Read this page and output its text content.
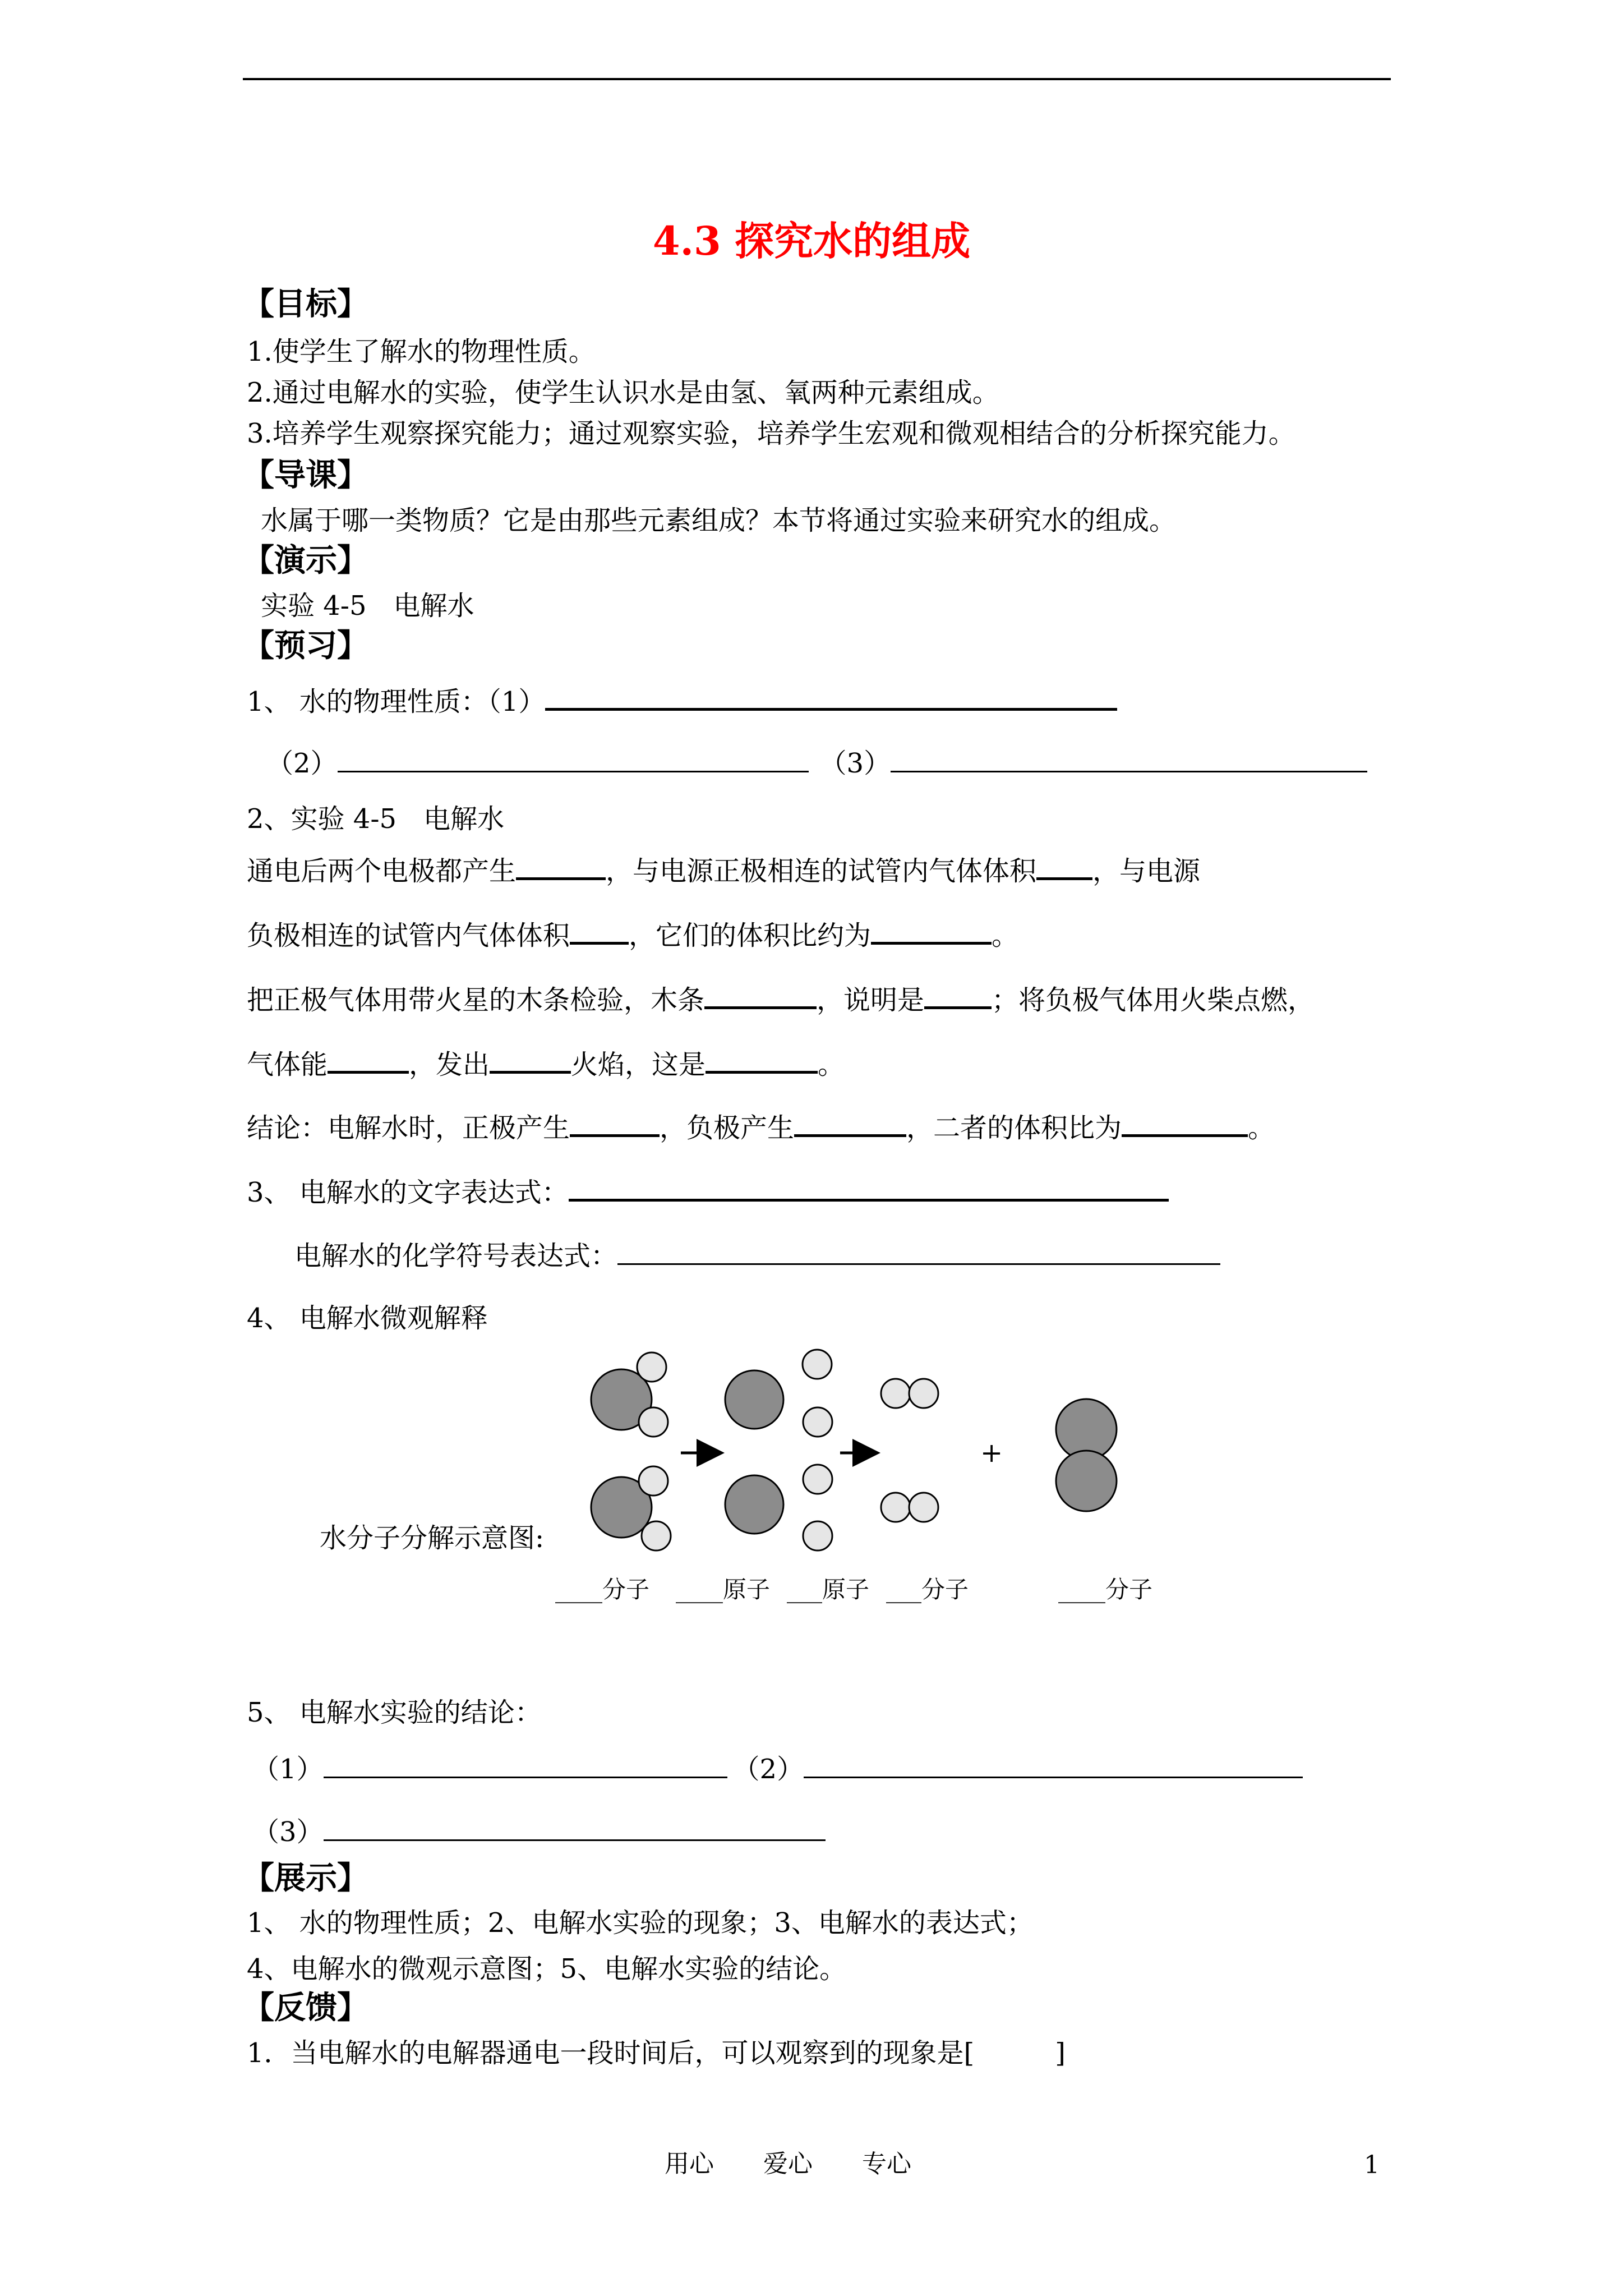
4.3 探究水的组成
【目标】
1.使学生了解水的物理性质。
2.通过电解水的实验，使学生认识水是由氢、氧两种元素组成。
3.培养学生观察探究能力；通过观察实验，培养学生宏观和微观相结合的分析探究能力。
【导课】
水属于哪一类物质？它是由那些元素组成？本节将通过实验来研究水的组成。
【演示】
实验 4-5　电解水
【预习】
1、 水的物理性质：（1）
（2）	（3）
2、实验 4-5　电解水
通电后两个电极都产生	，与电源正极相连的试管内气体体积 ，与电源
负极相连的试管内气体体积 ，它们的体积比约为	。
把正极气体用带火星的木条检验，木条	，说明是	；将负极气体用火柴点燃，
气体能	，发出	火焰，这是	。
结论：电解水时，正极产生	，负极产生	，二者的体积比为	。
3、 电解水的文字表达式：
电解水的化学符号表达式：
4、 电解水微观解释
+
水分子分解示意图:
____分子 ____原子 ___原子 ___分子	____分子
5、 电解水实验的结论：
（1）	（2）
（3）
【展示】
1、 水的物理性质；2、电解水实验的现象；3、电解水的表达式；
4、电解水的微观示意图；5、电解水实验的结论。
【反馈】
1．当电解水的电解器通电一段时间后，可以观察到的现象是[　　　]
用心　　爱心　　专心	1
